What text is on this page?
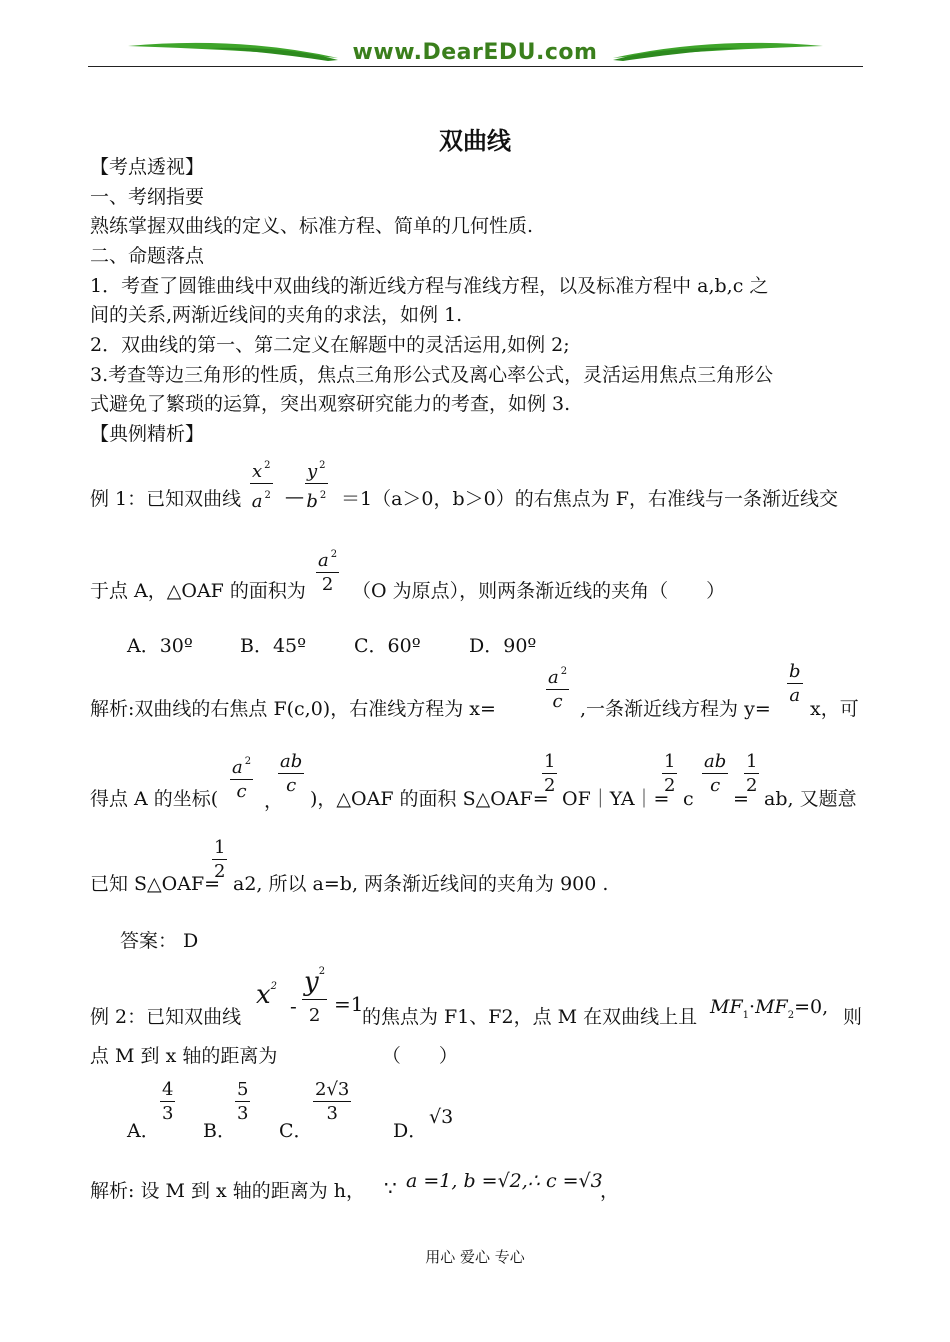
www.DearEDU.com
双曲线
【考点透视】
一、考纲指要
熟练掌握双曲线的定义、标准方程、简单的几何性质.
二、命题落点
1．考查了圆锥曲线中双曲线的渐近线方程与准线方程，以及标准方程中 a,b,c 之
间的关系,两渐近线间的夹角的求法，如例 1.
2．双曲线的第一、第二定义在解题中的灵活运用,如例 2;
3.考查等边三角形的性质，焦点三角形公式及离心率公式，灵活运用焦点三角形公
式避免了繁琐的运算，突出观察研究能力的考查，如例 3.
【典例精析】
例 1：已知双曲线 $\frac{x ^2}{a ^2}$ — $\frac{y ^2}{b ^2} =1(a>0$，b＞0）的右焦点为 F，右准线与一条渐近线交
于点 A，△OAF 的面积为 $\frac{a ^2}{2} (O$ 为原点），则两条渐近线的夹角（　　）
A．30º B．45º	C．60º	D．90º
解析:双曲线的右焦点 F(c,0)，右准线方程为 x=	$\frac{a ^2}{c}$ ,一条渐近线方程为 y=
$\frac{b}{a}$
x，可
得点 A 的坐标( $\frac{a ^2}{c}$ ，
$\frac{ab}{c}$
)，△OAF 的面积 S△OAF=
$\frac{1}{2}$
OF｜YA｜=
$\frac{1}{2}$
c
$\frac{ab}{c}$
=
$\frac{1}{2}$
ab, 又题意
已知 S△OAF=
$\frac{1}{2}$
a2, 所以 a=b, 两条渐近线间的夹角为 900 .
答案： D
例 2：已知双曲线
$x^2$
-
$y^2$
2 =1
的焦点为 F1、F2，点 M 在双曲线上且 $MF_1\cdot MF_2=0$, 则
点 M 到 x 轴的距离为　　　　　　（　　）
A．
$\frac{4}{3}$
B．
$\frac{5}{3}$
C．
$\frac{2√3}{3}$
D．
√3
解析: 设 M 到 x 轴的距离为 h， ∵ a =1, b =√2,∴ c =√3
，
用心 爱心 专心
